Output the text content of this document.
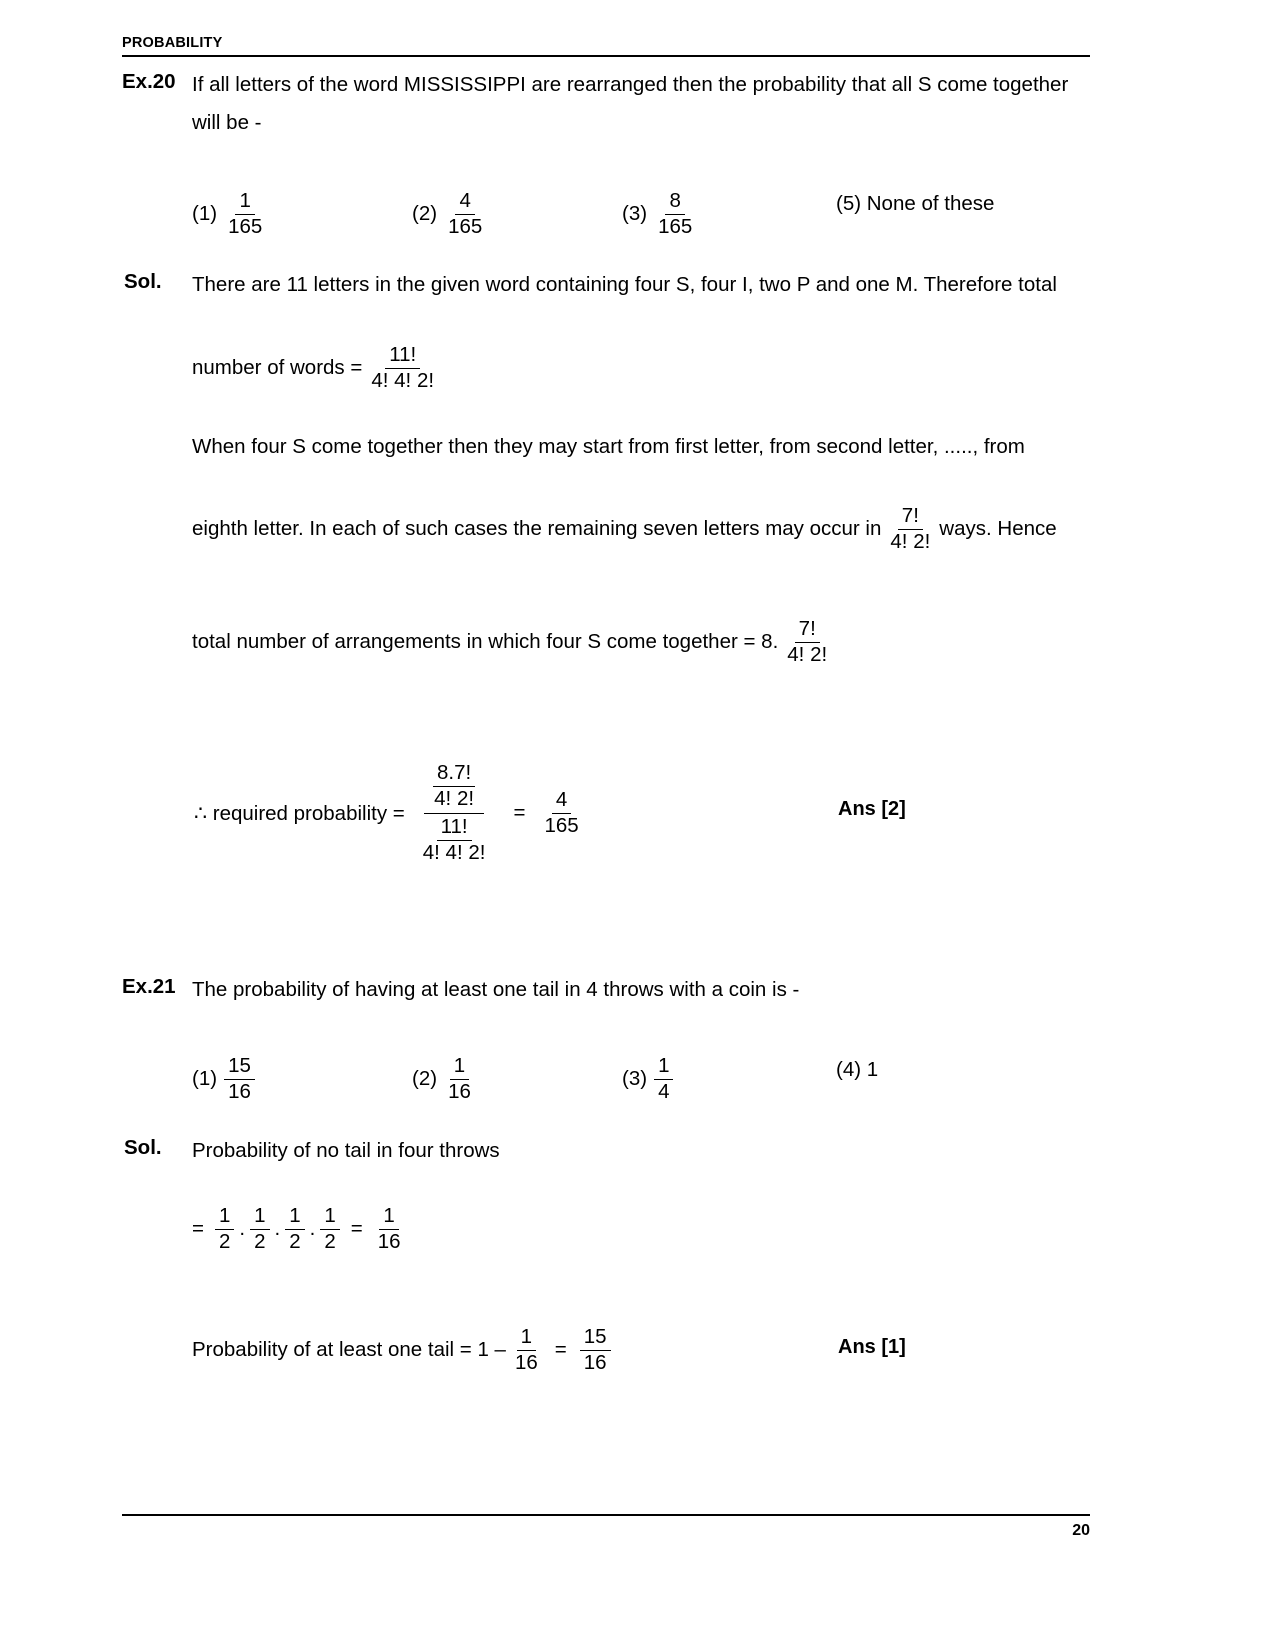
PROBABILITY
Ex.20 If all letters of the word MISSISSIPPI are rearranged then the probability that all S come together
will be -
$(1) \frac{1}{165}$	$(2) \frac{4}{165}$	$(3) \frac{8}{165}$	(5) None of these
Sol. There are 11 letters in the given word containing four S, four I, two P and one M. Therefore total
number of words = $\frac{11!}{4! 4! 2!}$
When four S come together then they may start from first letter, from second letter, ....., from
eighth letter. In each of such cases the remaining seven letters may occur in $\frac{7!}{4! 2!}$ ways. Hence
total number of arrangements in which four S come together = 8. $\frac{7!}{4! 2!}$
∴ required probability = $\frac{\frac{8.7!}{4! 2!}}{\frac{11!}{4! 4! 2!}} = \frac{4}{165}$	Ans [2]
Ex.21 The probability of having at least one tail in 4 throws with a coin is -
$(1) \frac{15}{16}$	$(2) \frac{1}{16}$	$(3) \frac{1}{4}$	(4) 1
Sol. Probability of no tail in four throws
= $\frac{1}{2}$ . $\frac{1}{2}$ . $\frac{1}{2}$ . $\frac{1}{2} = \frac{1}{16}$
Probability of at least one tail = $1 - \frac{1}{16} = \frac{15}{16}$	Ans [1]
20
